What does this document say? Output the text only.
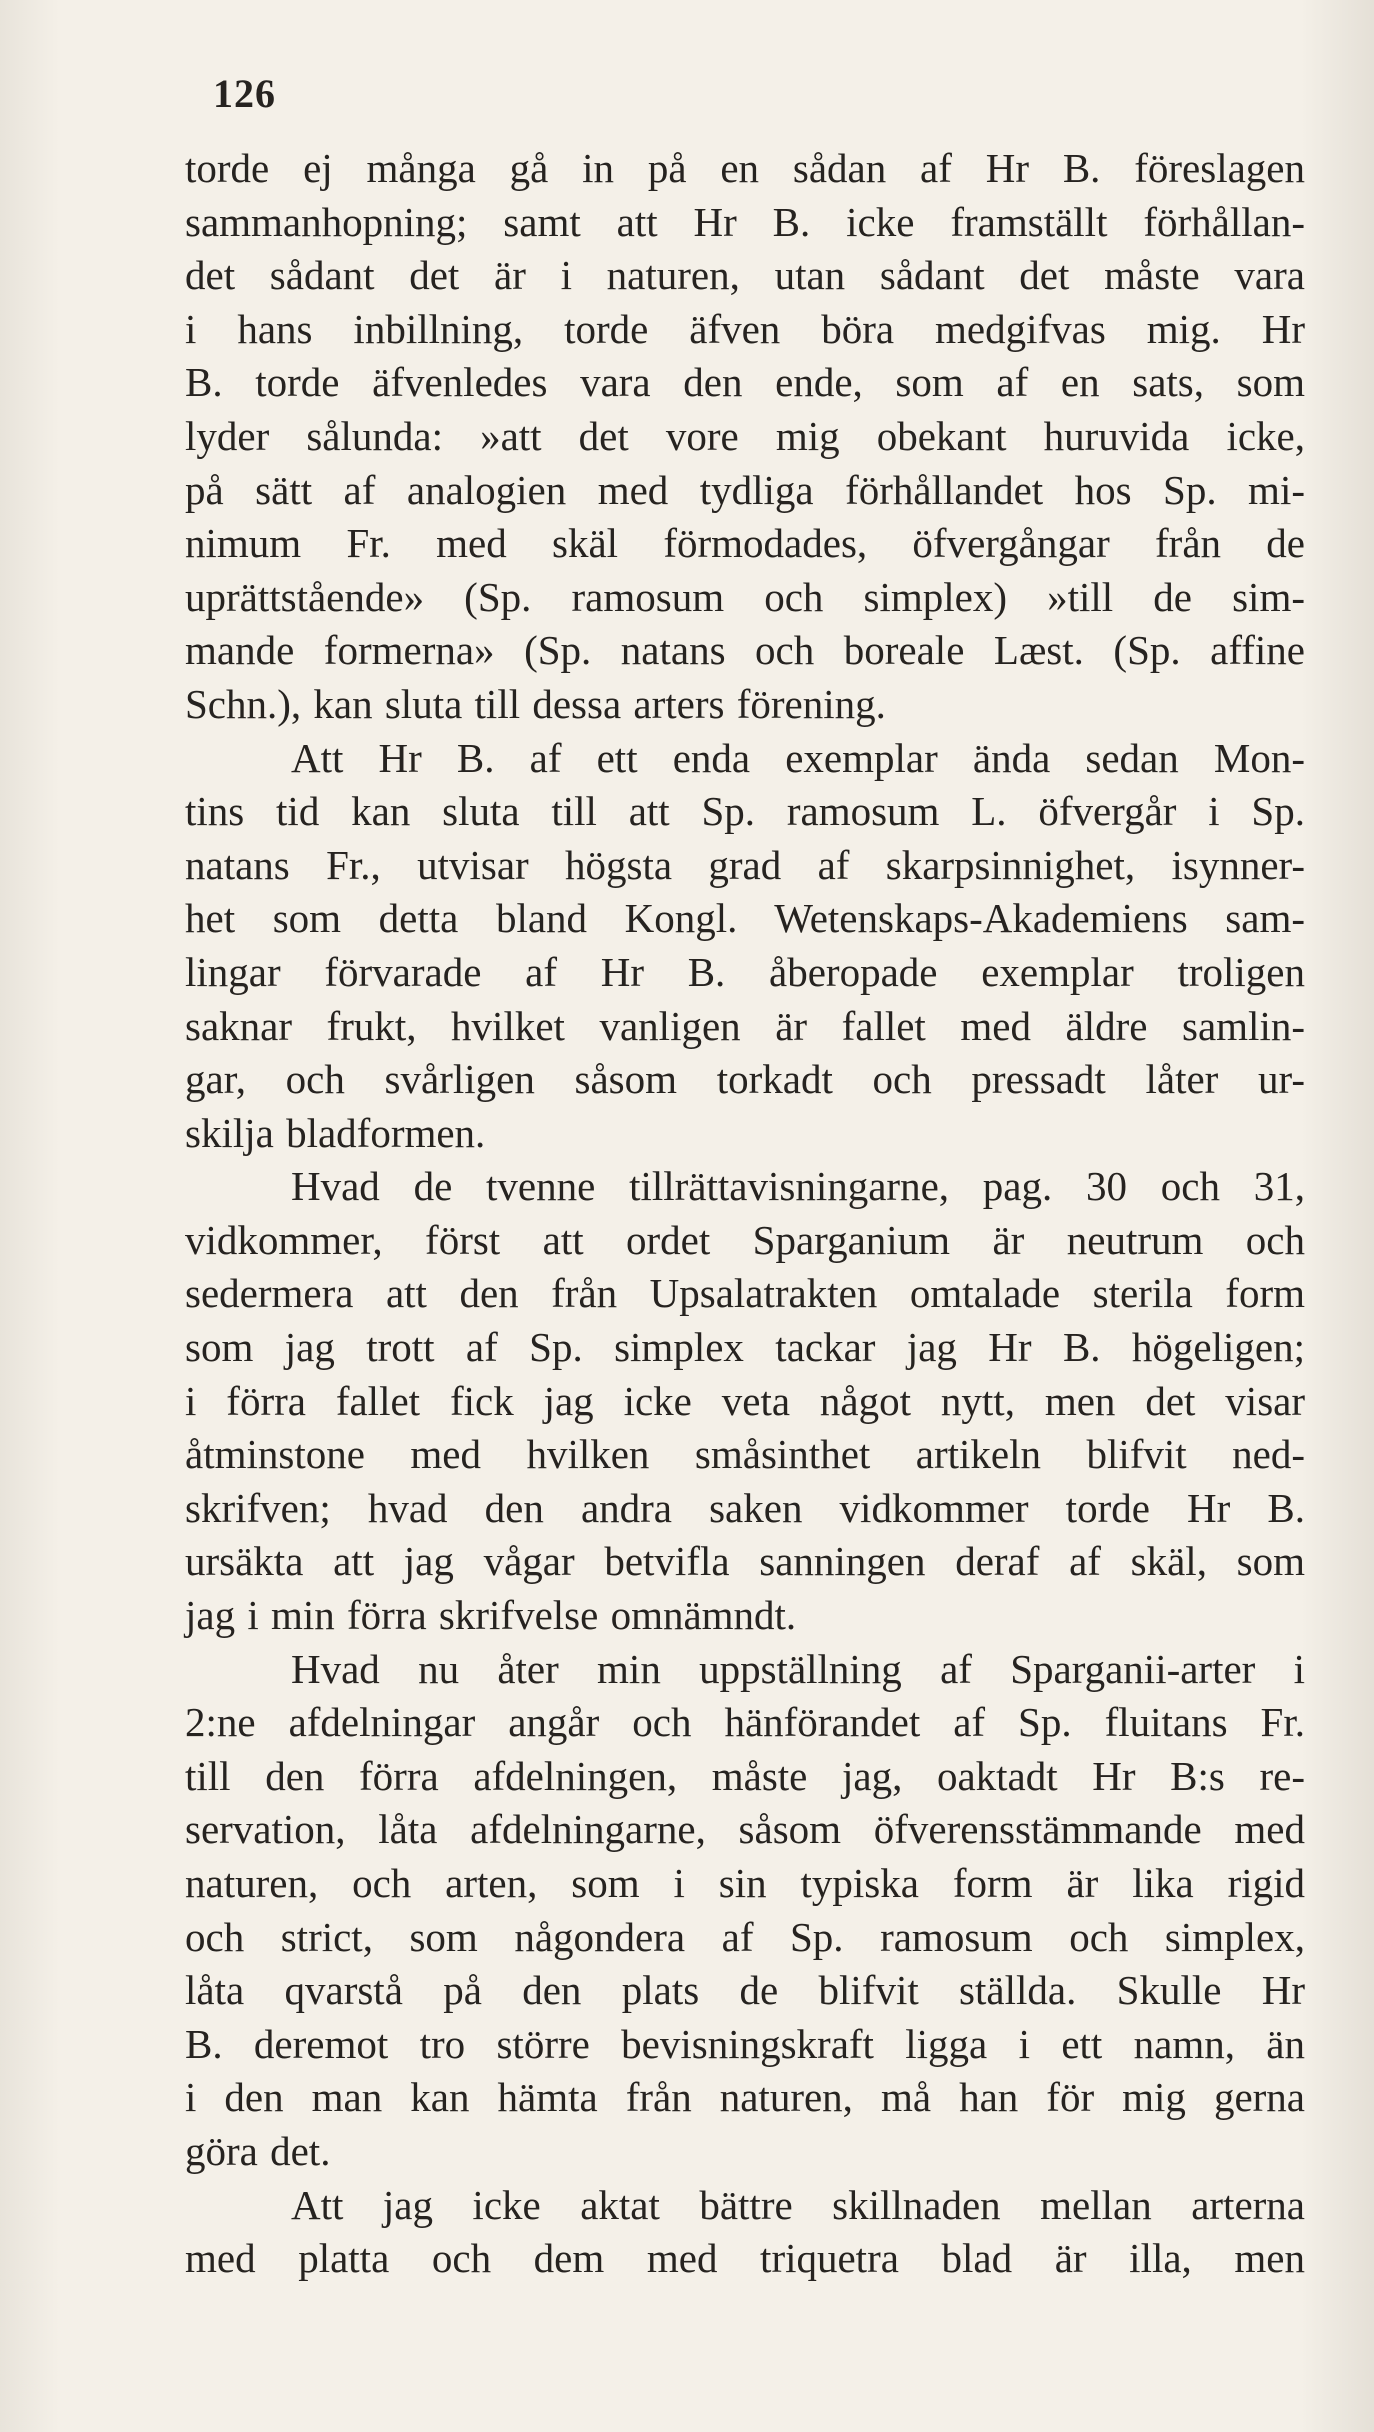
126
torde ej många gå in på en sådan af Hr B. föreslagen
sammanhopning; samt att Hr B. icke framställt förhållan-
det sådant det är i naturen, utan sådant det måste vara
i hans inbillning, torde äfven böra medgifvas mig. Hr
B. torde äfvenledes vara den ende, som af en sats, som
lyder sålunda: »att det vore mig obekant huruvida icke,
på sätt af analogien med tydliga förhållandet hos Sp. mi-
nimum Fr. med skäl förmodades, öfvergångar från de
uprättstående» (Sp. ramosum och simplex) »till de sim-
mande formerna» (Sp. natans och boreale Læst. (Sp. affine
Schn.), kan sluta till dessa arters förening.
Att Hr B. af ett enda exemplar ända sedan Mon-
tins tid kan sluta till att Sp. ramosum L. öfvergår i Sp.
natans Fr., utvisar högsta grad af skarpsinnighet, isynner-
het som detta bland Kongl. Wetenskaps-Akademiens sam-
lingar förvarade af Hr B. åberopade exemplar troligen
saknar frukt, hvilket vanligen är fallet med äldre samlin-
gar, och svårligen såsom torkadt och pressadt låter ur-
skilja bladformen.
Hvad de tvenne tillrättavisningarne, pag. 30 och 31,
vidkommer, först att ordet Sparganium är neutrum och
sedermera att den från Upsalatrakten omtalade sterila form
som jag trott af Sp. simplex tackar jag Hr B. högeligen;
i förra fallet fick jag icke veta något nytt, men det visar
åtminstone med hvilken småsinthet artikeln blifvit ned-
skrifven; hvad den andra saken vidkommer torde Hr B.
ursäkta att jag vågar betvifla sanningen deraf af skäl, som
jag i min förra skrifvelse omnämndt.
Hvad nu åter min uppställning af Sparganii-arter i
2:ne afdelningar angår och hänförandet af Sp. fluitans Fr.
till den förra afdelningen, måste jag, oaktadt Hr B:s re-
servation, låta afdelningarne, såsom öfverensstämmande med
naturen, och arten, som i sin typiska form är lika rigid
och strict, som någondera af Sp. ramosum och simplex,
låta qvarstå på den plats de blifvit ställda. Skulle Hr
B. deremot tro större bevisningskraft ligga i ett namn, än
i den man kan hämta från naturen, må han för mig gerna
göra det.
Att jag icke aktat bättre skillnaden mellan arterna
med platta och dem med triquetra blad är illa, men
